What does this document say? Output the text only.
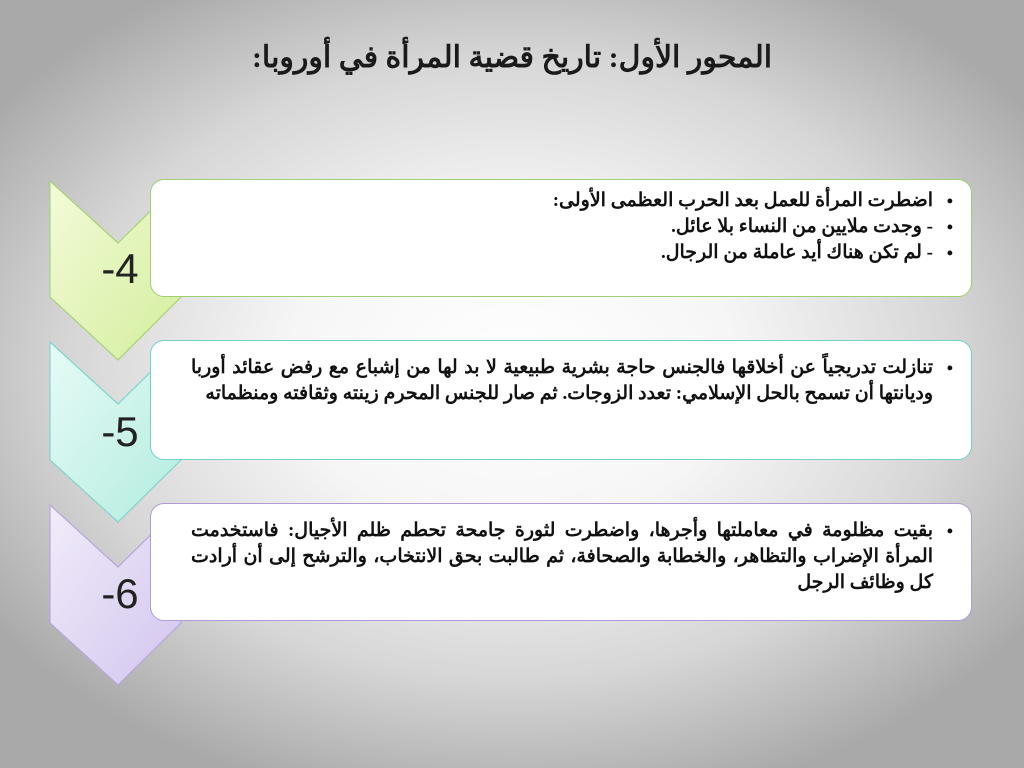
المحور الأول: تاريخ قضية المرأة في أوروبا:
• اضطرت المرأة للعمل بعد الحرب العظمى الأولى:
• - وجدت ملايين من النساء بلا عائل.
• - لم تكن هناك أيد عاملة من الرجال.
-4
• تنازلت تدريجياً عن أخلاقها فالجنس حاجة بشرية طبيعية لا بد لها من إشباع مع رفض عقائد أوربا وديانتها أن تسمح بالحل الإسلامي: تعدد الزوجات. ثم صار للجنس المحرم زينته وثقافته ومنظماته
-5
• بقيت مظلومة في معاملتها وأجرها، واضطرت لثورة جامحة تحطم ظلم الأجيال: فاستخدمت المرأة الإضراب والتظاهر، والخطابة والصحافة، ثم طالبت بحق الانتخاب، والترشح إلى أن أرادت كل وظائف الرجل
-6
